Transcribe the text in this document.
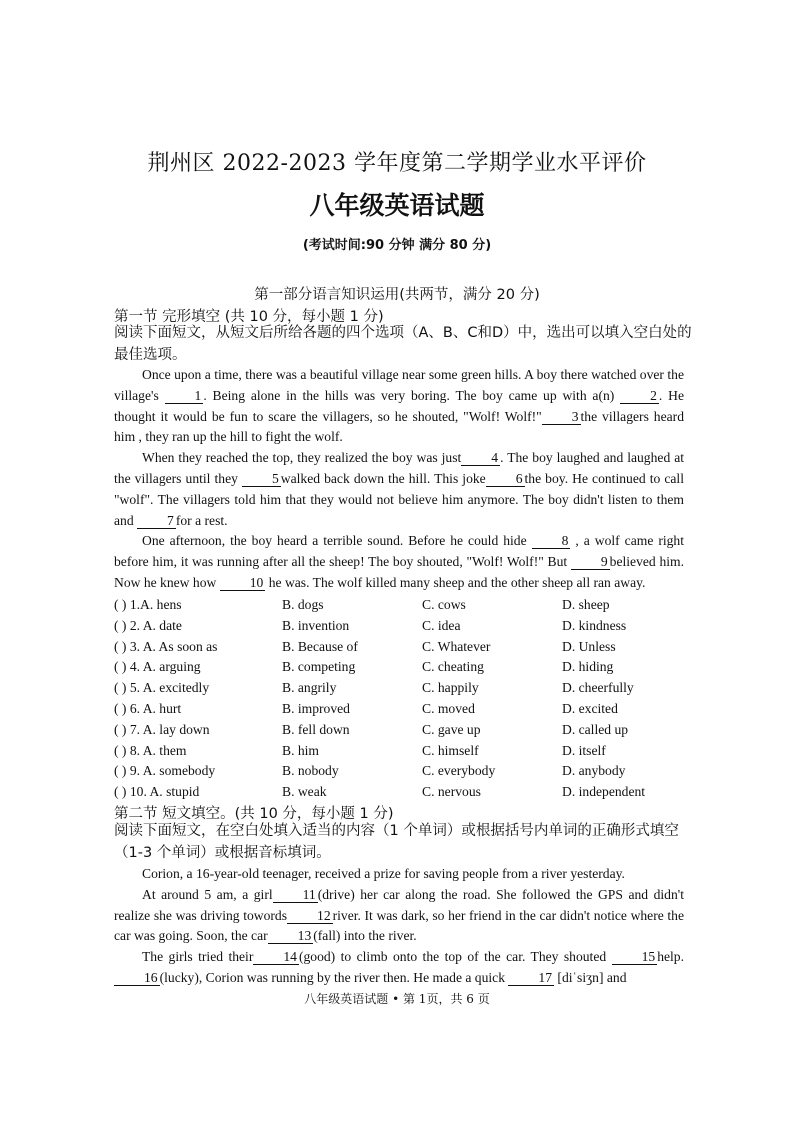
荆州区 2022-2023 学年度第二学期学业水平评价
八年级英语试题
(考试时间:90 分钟 满分 80 分)
第一部分语言知识运用(共两节，满分 20 分)
第一节 完形填空 (共 10 分，每小题 1 分)
阅读下面短文，从短文后所给各题的四个选项（A、B、C和D）中，选出可以填入空白处的最佳选项。

Once upon a time, there was a beautiful village near some green hills. A boy there watched over the village's	1 . Being alone in the hills was very boring. The boy came up with a(n)	2 . He thought it would be fun to scare the villagers, so he shouted, "Wolf! Wolf!" 3 the villagers heard him , they ran up the hill to fight the wolf.

When they reached the top, they realized the boy was just 4 . The boy laughed and laughed at the villagers until they	5 walked back down the hill. This joke 6 the boy. He continued to call "wolf". The villagers told him that they would not believe him anymore. The boy didn't listen to them and 7 for a rest.

One afternoon, the boy heard a terrible sound. Before he could hide	8 , a wolf came right before him, it was running after all the sheep! The boy shouted, "Wolf! Wolf!" But 9 believed him. Now he knew how 10 he was. The wolf killed many sheep and the other sheep all ran away.

( ) 1.A. hens	B. dogs	C. cows	D. sheep
( ) 2. A. date	B. invention	C. idea	D. kindness
( ) 3. A. As soon as	B. Because of	C. Whatever	D. Unless
( ) 4. A. arguing	B. competing	C. cheating	D. hiding
( ) 5. A. excitedly	B. angrily	C. happily	D. cheerfully
( ) 6. A. hurt	B. improved	C. moved	D. excited
( ) 7. A. lay down	B. fell down	C. gave up	D. called up
( ) 8. A. them	B. him	C. himself	D. itself
( ) 9. A. somebody	B. nobody	C. everybody	D. anybody
( ) 10. A. stupid	B. weak	C. nervous	D. independent
第二节 短文填空。(共 10 分，每小题 1 分)
阅读下面短文，在空白处填入适当的内容（1 个单词）或根据括号内单词的正确形式填空（1-3 个单词）或根据音标填词。

Corion, a 16-year-old teenager, received a prize for saving people from a river yesterday.

At around 5 am, a girl 11 (drive) her car along the road. She followed the GPS and didn't realize she was driving towords 12 river. It was dark, so her friend in the car didn't notice where the car was going. Soon, the car 13 (fall) into the river.

The girls tried their 14 (good) to climb onto the top of the car. They shouted	15 help. 16 (lucky), Corion was running by the river then. He made a quick 17 [diˈsiʒn] and

八年级英语试题 • 第 1页，共 6 页
